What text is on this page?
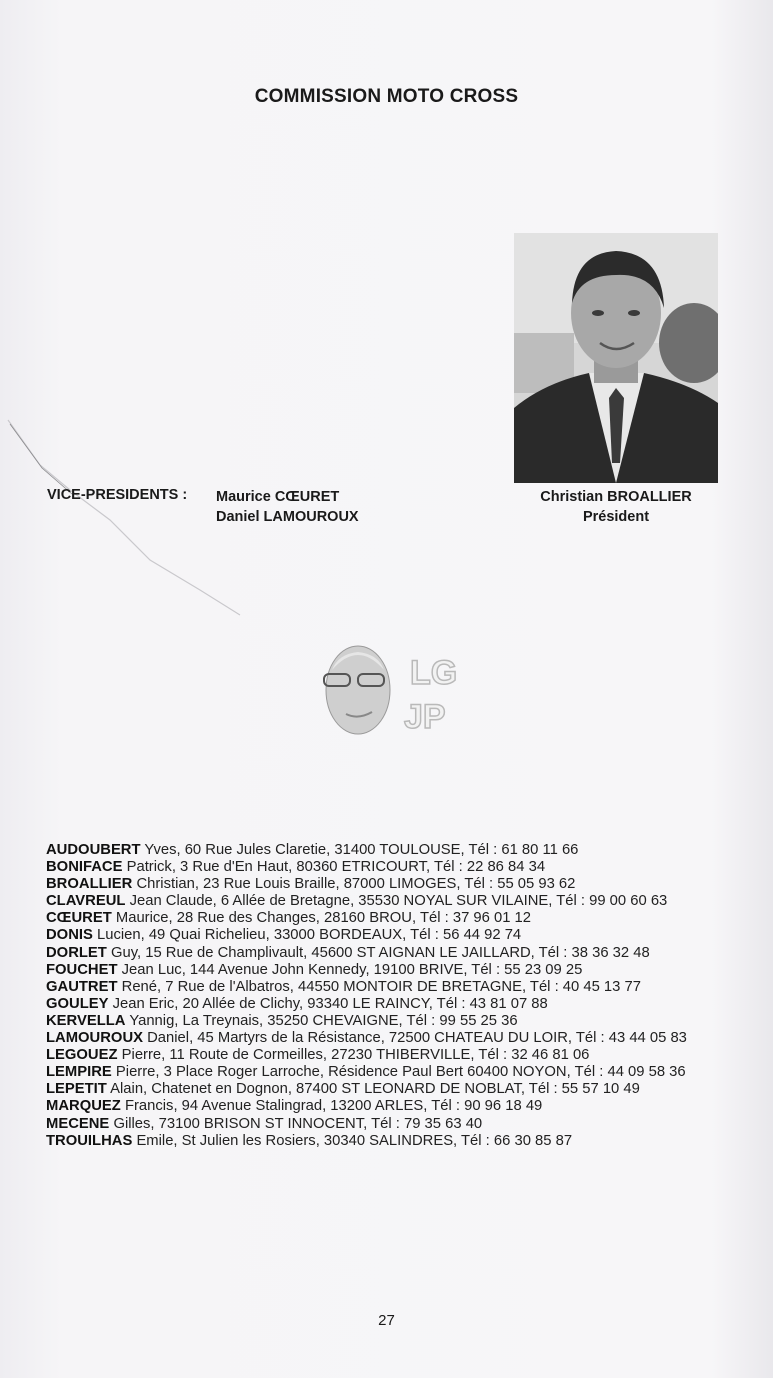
COMMISSION MOTO CROSS
VICE-PRESIDENTS : Maurice CŒURET
Daniel LAMOUROUX
Christian BROALLIER
Président
LG
JP

AUDOUBERT Yves, 60 Rue Jules Claretie, 31400 TOULOUSE, Tél : 61 80 11 66

BONIFACE Patrick, 3 Rue d'En Haut, 80360 ETRICOURT, Tél : 22 86 84 34

BROALLIER Christian, 23 Rue Louis Braille, 87000 LIMOGES, Tél : 55 05 93 62

CLAVREUL Jean Claude, 6 Allée de Bretagne, 35530 NOYAL SUR VILAINE, Tél : 99 00 60 63

CŒURET Maurice, 28 Rue des Changes, 28160 BROU, Tél : 37 96 01 12

DONIS Lucien, 49 Quai Richelieu, 33000 BORDEAUX, Tél : 56 44 92 74

DORLET Guy, 15 Rue de Champlivault, 45600 ST AIGNAN LE JAILLARD, Tél : 38 36 32 48

FOUCHET Jean Luc, 144 Avenue John Kennedy, 19100 BRIVE, Tél : 55 23 09 25

GAUTRET René, 7 Rue de l'Albatros, 44550 MONTOIR DE BRETAGNE, Tél : 40 45 13 77

GOULEY Jean Eric, 20 Allée de Clichy, 93340 LE RAINCY, Tél : 43 81 07 88

KERVELLA Yannig, La Treynais, 35250 CHEVAIGNE, Tél : 99 55 25 36

LAMOUROUX Daniel, 45 Martyrs de la Résistance, 72500 CHATEAU DU LOIR, Tél : 43 44 05 83

LEGOUEZ Pierre, 11 Route de Cormeilles, 27230 THIBERVILLE, Tél : 32 46 81 06

LEMPIRE Pierre, 3 Place Roger Larroche, Résidence Paul Bert 60400 NOYON, Tél : 44 09 58 36

LEPETIT Alain, Chatenet en Dognon, 87400 ST LEONARD DE NOBLAT, Tél : 55 57 10 49

MARQUEZ Francis, 94 Avenue Stalingrad, 13200 ARLES, Tél : 90 96 18 49

MECENE Gilles, 73100 BRISON ST INNOCENT, Tél : 79 35 63 40

TROUILHAS Emile, St Julien les Rosiers, 30340 SALINDRES, Tél : 66 30 85 87

27
